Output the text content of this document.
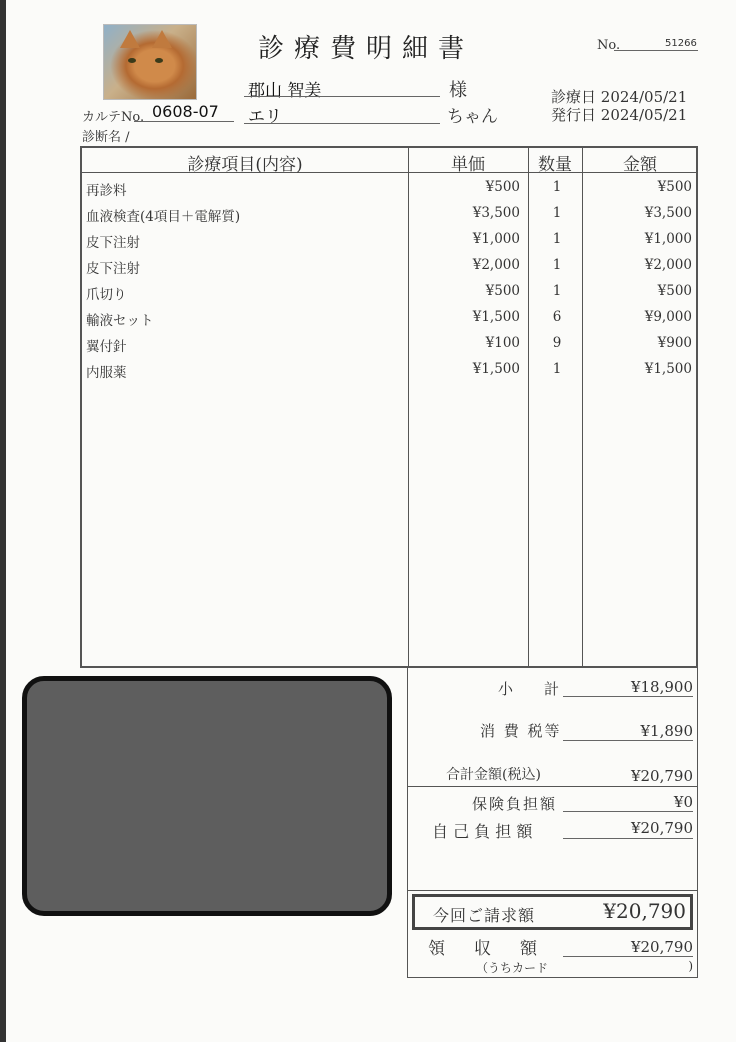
診療費明細書	No.	51266
郡山 智美	様
エリ	ちゃん
カルテNo. 0608-07
診断名 /
診療日 2024/05/21
発行日 2024/05/21
診療項目(内容)	単価	数量	金額
再診料	¥500 1	¥500
血液検査(4項目＋電解質)	¥3,500 1	¥3,500
皮下注射	¥1,000 1	¥1,000
皮下注射	¥2,000 1	¥2,000
爪切り	¥500 1	¥500
輸液セット	¥1,500 6	¥9,000
翼付針	¥100 9	¥900
内服薬	¥1,500 1	¥1,500
小　計	¥18,900
消 費 税等	¥1,890
合計金額(税込)	¥20,790
保険負担額	¥0
自 己 負 担 額	¥20,790
今回ご請求額	¥20,790
領　収　額	¥20,790
（うちカード	)
